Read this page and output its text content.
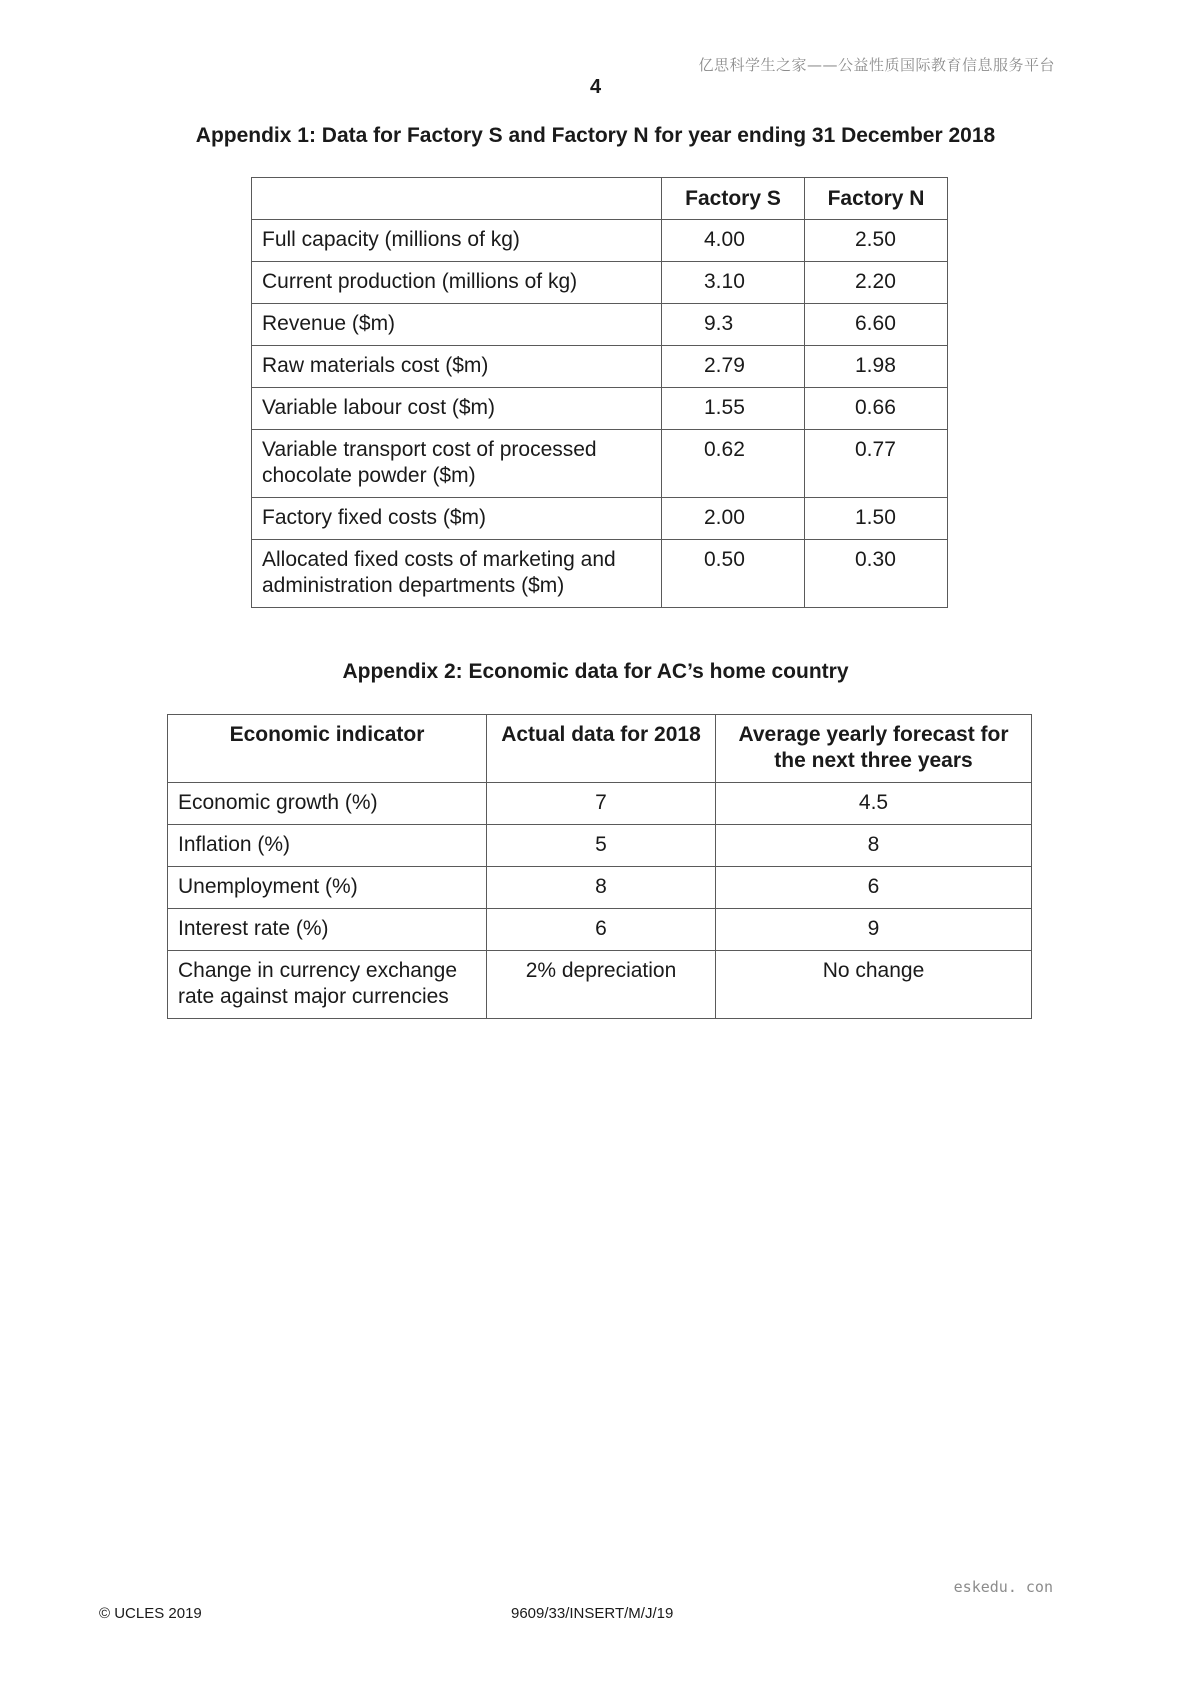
亿思科学生之家——公益性质国际教育信息服务平台
4
Appendix 1: Data for Factory S and Factory N for year ending 31 December 2018
	Factory S	Factory N
Full capacity (millions of kg)	4.00	2.50
Current production (millions of kg)	3.10	2.20
Revenue ($m)	9.3	6.60
Raw materials cost ($m)	2.79	1.98
Variable labour cost ($m)	1.55	0.66
Variable transport cost of processed chocolate powder ($m)	0.62	0.77
Factory fixed costs ($m)	2.00	1.50
Allocated fixed costs of marketing and administration departments ($m)	0.50	0.30
Appendix 2: Economic data for AC’s home country
Economic indicator	Actual data for 2018	Average yearly forecast for the next three years
Economic growth (%)	7	4.5
Inflation (%)	5	8
Unemployment (%)	8	6
Interest rate (%)	6	9
Change in currency exchange rate against major currencies	2% depreciation	No change
eskedu. con
© UCLES 2019	9609/33/INSERT/M/J/19
